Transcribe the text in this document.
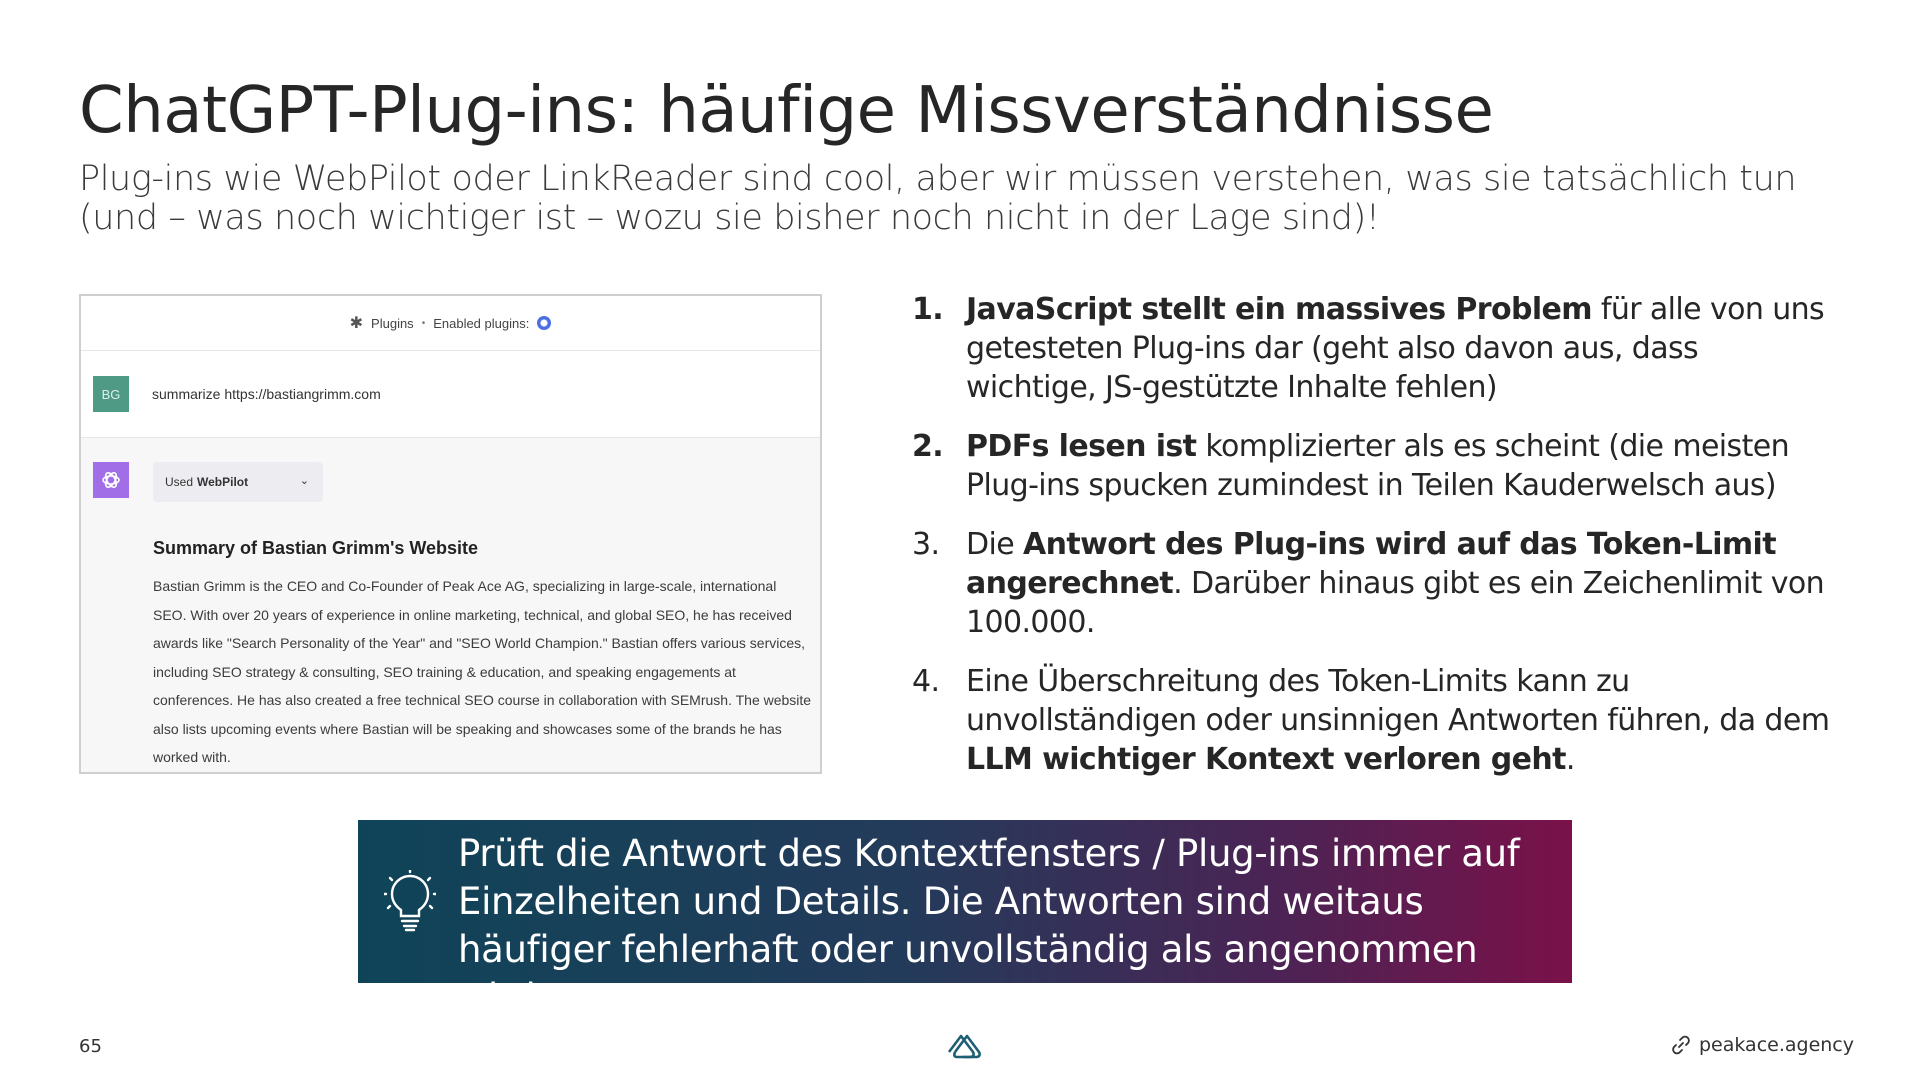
ChatGPT-Plug-ins: häufige Missverständnisse
Plug-ins wie WebPilot oder LinkReader sind cool, aber wir müssen verstehen, was sie tatsächlich tun (und – was noch wichtiger ist – wozu sie bisher noch nicht in der Lage sind)!
✱ Plugins • Enabled plugins:
BG	summarize https://bastiangrimm.com
Used WebPilot	⌄
Summary of Bastian Grimm's Website
Bastian Grimm is the CEO and Co-Founder of Peak Ace AG, specializing in large-scale, international SEO. With over 20 years of experience in online marketing, technical, and global SEO, he has received awards like "Search Personality of the Year" and "SEO World Champion." Bastian offers various services, including SEO strategy & consulting, SEO training & education, and speaking engagements at conferences. He has also created a free technical SEO course in collaboration with SEMrush. The website also lists upcoming events where Bastian will be speaking and showcases some of the brands he has worked with.
1. JavaScript stellt ein massives Problem für alle von uns getesteten Plug-ins dar (geht also davon aus, dass wichtige, JS-gestützte Inhalte fehlen)
2. PDFs lesen ist komplizierter als es scheint (die meisten Plug-ins spucken zumindest in Teilen Kauderwelsch aus)
3. Die Antwort des Plug-ins wird auf das Token-Limit angerechnet. Darüber hinaus gibt es ein Zeichenlimit von 100.000.
4. Eine Überschreitung des Token-Limits kann zu unvollständigen oder unsinnigen Antworten führen, da dem LLM wichtiger Kontext verloren geht.
Prüft die Antwort des Kontextfensters / Plug-ins immer auf Einzelheiten und Details. Die Antworten sind weitaus häufiger fehlerhaft oder unvollständig als angenommen wird.
65	peakace.agency
